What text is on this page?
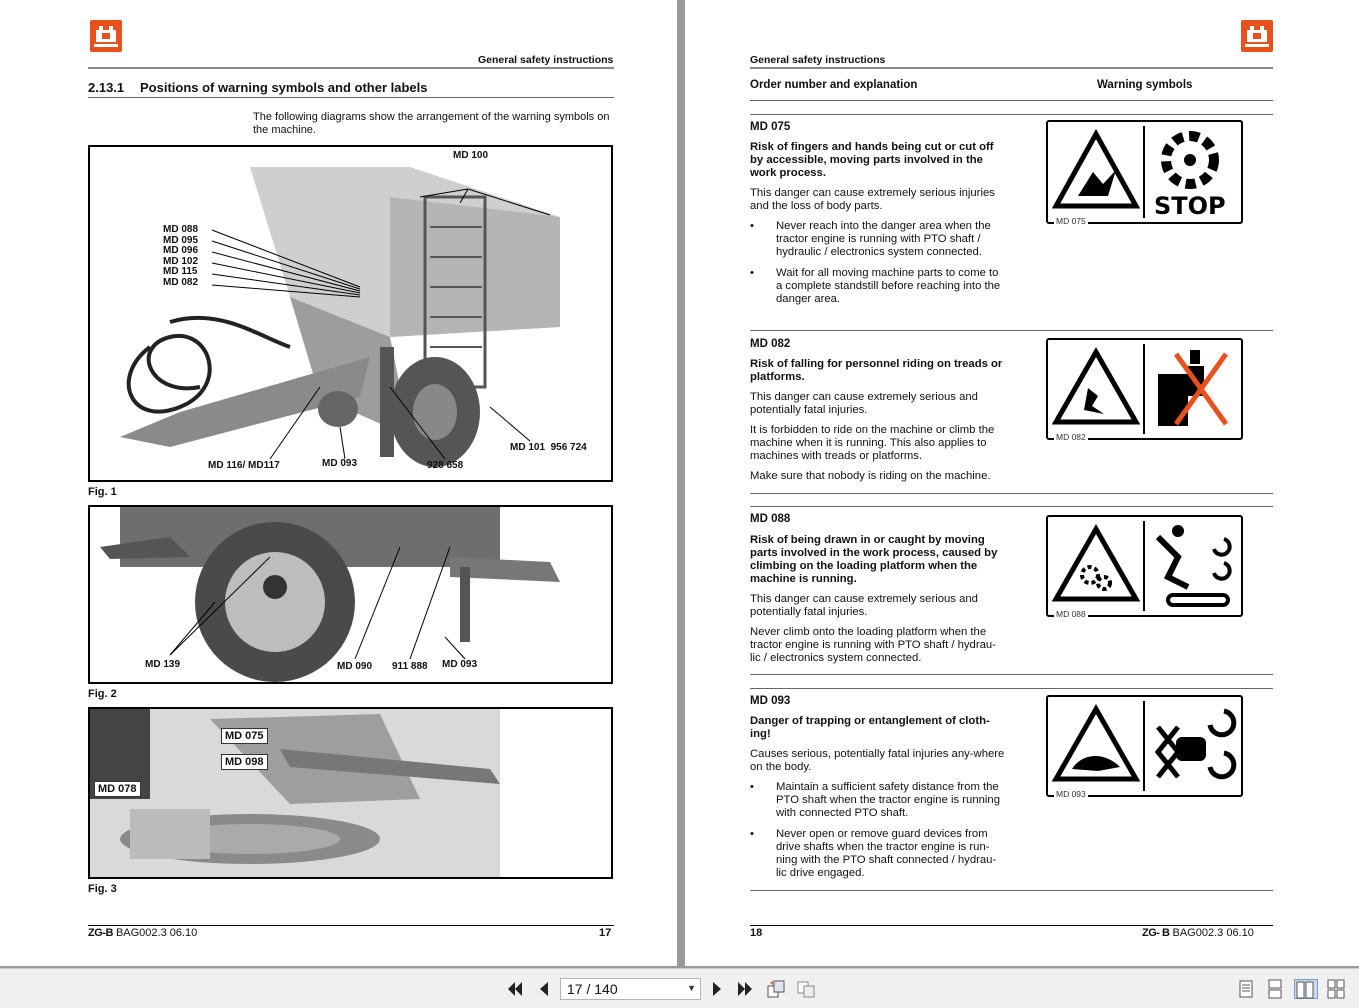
General safety instructions
2.13.1 Positions of warning symbols and other labels
The following diagrams show the arrangement of the warning symbols on the machine.
MD 100
MD 088
MD 095
MD 096
MD 102
MD 115
MD 082
MD 116/ MD117	MD 093	928 658
MD 101  956 724
Fig. 1
MD 139	MD 090 911 888 MD 093
Fig. 2
MD 075
MD 098
MD 078
Fig. 3
ZG-B BAG002.3 06.10	17
General safety instructions
Order number and explanation	Warning symbols
MD 075

Risk of fingers and hands being cut or cut off by accessible, moving parts involved in the work process.

This danger can cause extremely serious injuries and the loss of body parts.

• Never reach into the danger area when the tractor engine is running with PTO shaft / hydraulic / electronics system connected.
• Wait for all moving machine parts to come to a complete standstill before reaching into the danger area.
STOP
MD 075
MD 082

Risk of falling for personnel riding on treads or platforms.

This danger can cause extremely serious and potentially fatal injuries.

It is forbidden to ride on the machine or climb the machine when it is running. This also applies to machines with treads or platforms.

Make sure that nobody is riding on the machine.

MD 082
MD 088

Risk of being drawn in or caught by moving parts involved in the work process, caused by climbing on the loading platform when the machine is running.

This danger can cause extremely serious and potentially fatal injuries.

Never climb onto the loading platform when the tractor engine is running with PTO shaft / hydrau-lic / electronics system connected.

MD 088
MD 093

Danger of trapping or entanglement of cloth-ing!

Causes serious, potentially fatal injuries any-where on the body.

• Maintain a sufficient safety distance from the PTO shaft when the tractor engine is running with connected PTO shaft.
• Never open or remove guard devices from drive shafts when the tractor engine is run-ning with the PTO shaft connected / hydrau-lic drive engaged.
MD 093
18	ZG- B BAG002.3 06.10
17 / 140	▼
